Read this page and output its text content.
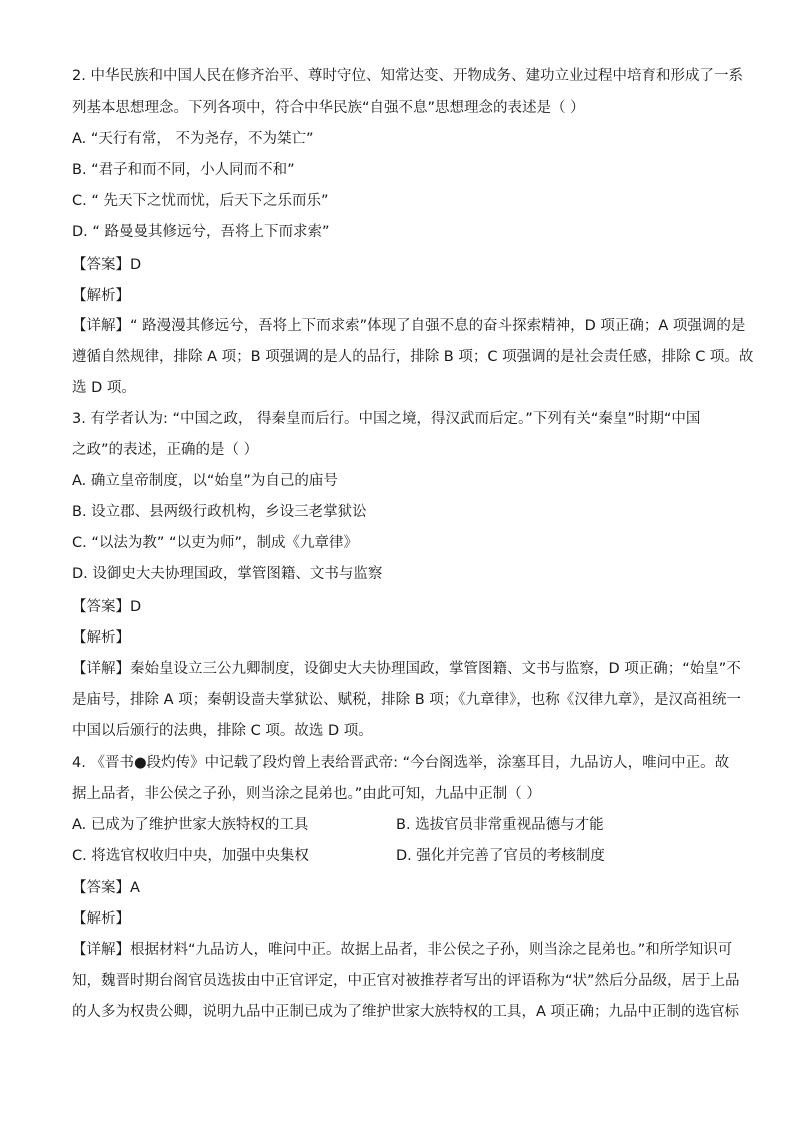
2. 中华民族和中国人民在修齐治平、尊时守位、知常达变、开物成务、建功立业过程中培育和形成了一系
列基本思想理念。下列各项中，符合中华民族“自强不息”思想理念的表述是（ ）
A. “天行有常， 不为尧存，不为桀亡”
B. “君子和而不同，小人同而不和”
C. “ 先天下之忧而忧，后天下之乐而乐”
D. “ 路曼曼其修远兮，吾将上下而求索”
【答案】D
【解析】
【详解】“ 路漫漫其修远兮，吾将上下而求索”体现了自强不息的奋斗探索精神，D 项正确；A 项强调的是
遵循自然规律，排除 A 项；B 项强调的是人的品行，排除 B 项；C 项强调的是社会责任感，排除 C 项。故
选 D 项。
3. 有学者认为: “中国之政， 得秦皇而后行。中国之境，得汉武而后定。”下列有关“秦皇”时期“中国
之政”的表述，正确的是（ ）
A. 确立皇帝制度，以“始皇”为自己的庙号
B. 设立郡、县两级行政机构，乡设三老掌狱讼
C. “以法为教” “以吏为师”，制成《九章律》
D. 设御史大夫协理国政，掌管图籍、文书与监察
【答案】D
【解析】
【详解】秦始皇设立三公九卿制度，设御史大夫协理国政，掌管图籍、文书与监察，D 项正确；“始皇”不
是庙号，排除 A 项；秦朝设啬夫掌狱讼、赋税，排除 B 项；《九章律》，也称《汉律九章》，是汉高祖统一
中国以后颁行的法典，排除 C 项。故选 D 项。
4. 《晋书●段灼传》中记载了段灼曾上表给晋武帝: “今台阁选举，涂塞耳目，九品访人，唯问中正。故
据上品者，非公侯之子孙，则当涂之昆弟也。”由此可知，九品中正制（ ）
A. 已成为了维护世家大族特权的工具	B. 选拔官员非常重视品德与才能
C. 将选官权收归中央，加强中央集权	D. 强化并完善了官员的考核制度
【答案】A
【解析】
【详解】根据材料“九品访人，唯问中正。故据上品者，非公侯之子孙，则当涂之昆弟也。”和所学知识可
知，魏晋时期台阁官员选拔由中正官评定，中正官对被推荐者写出的评语称为“状”然后分品级，居于上品
的人多为权贵公卿，说明九品中正制已成为了维护世家大族特权的工具，A 项正确；九品中正制的选官标
